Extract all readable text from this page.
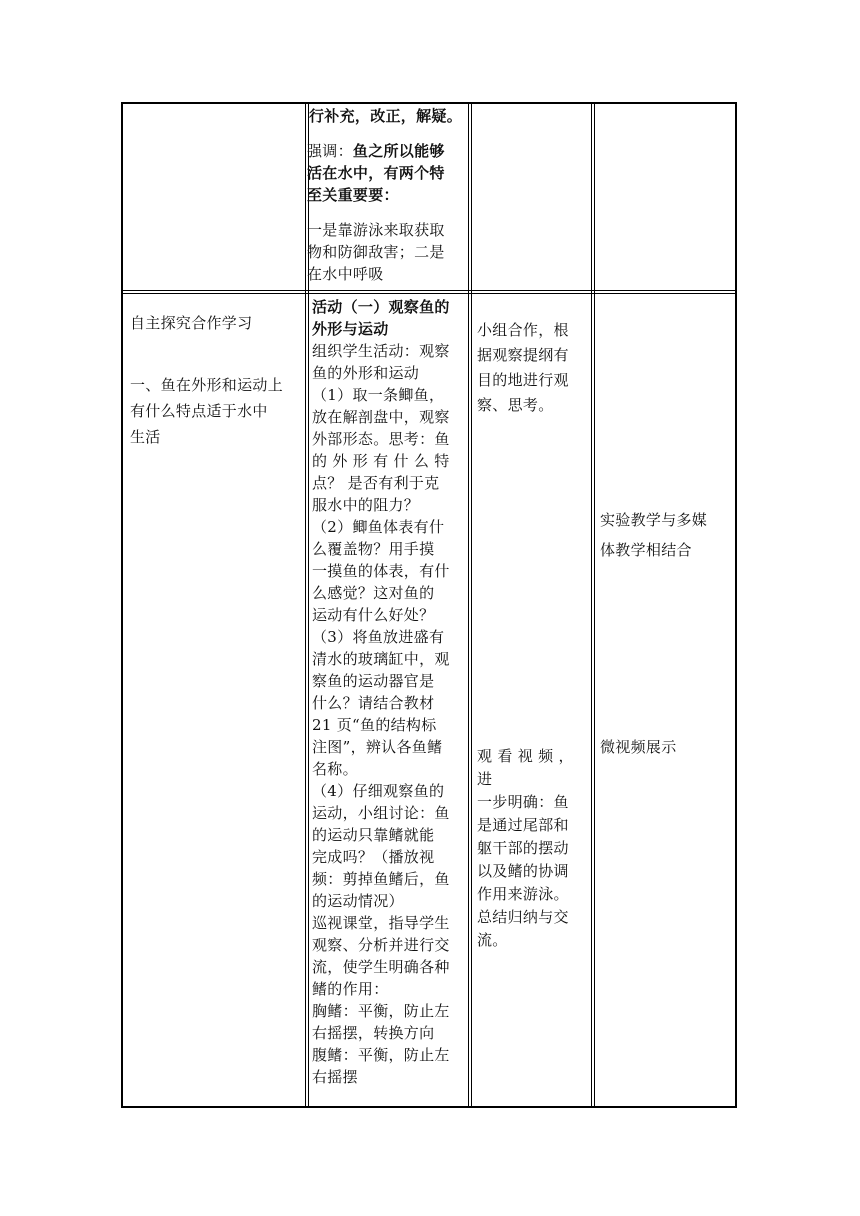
行补充，改正，解疑。

强调：鱼之所以能够

活在水中，有两个特

至关重要要：

一是靠游泳来取获取

物和防御敌害；二是

在水中呼吸

自主探究合作学习

一、鱼在外形和运动上

有什么特点适于水中

生活

活动（一）观察鱼的

外形与运动

组织学生活动：观察

鱼的外形和运动

（1）取一条鲫鱼，

放在解剖盘中，观察

外部形态。思考：鱼

的 外 形 有 什 么 特

点？ 是否有利于克

服水中的阻力？

（2）鲫鱼体表有什

么覆盖物？用手摸

一摸鱼的体表，有什

么感觉？这对鱼的

运动有什么好处？

（3）将鱼放进盛有

清水的玻璃缸中，观

察鱼的运动器官是

什么？请结合教材

21 页“鱼的结构标

注图”，辨认各鱼鳍

名称。

（4）仔细观察鱼的

运动，小组讨论：鱼

的运动只靠鳍就能

完成吗？（播放视

频：剪掉鱼鳍后，鱼

的运动情况）

巡视课堂，指导学生

观察、分析并进行交

流，使学生明确各种

鳍的作用：

胸鳍：平衡，防止左

右摇摆，转换方向

腹鳍：平衡，防止左

右摇摆

小组合作，根

据观察提纲有

目的地进行观

察、思考。

观 看 视 频 ，进

一步明确：鱼

是通过尾部和

躯干部的摆动

以及鳍的协调

作用来游泳。

总结归纳与交

流。

实验教学与多媒

体教学相结合

微视频展示
